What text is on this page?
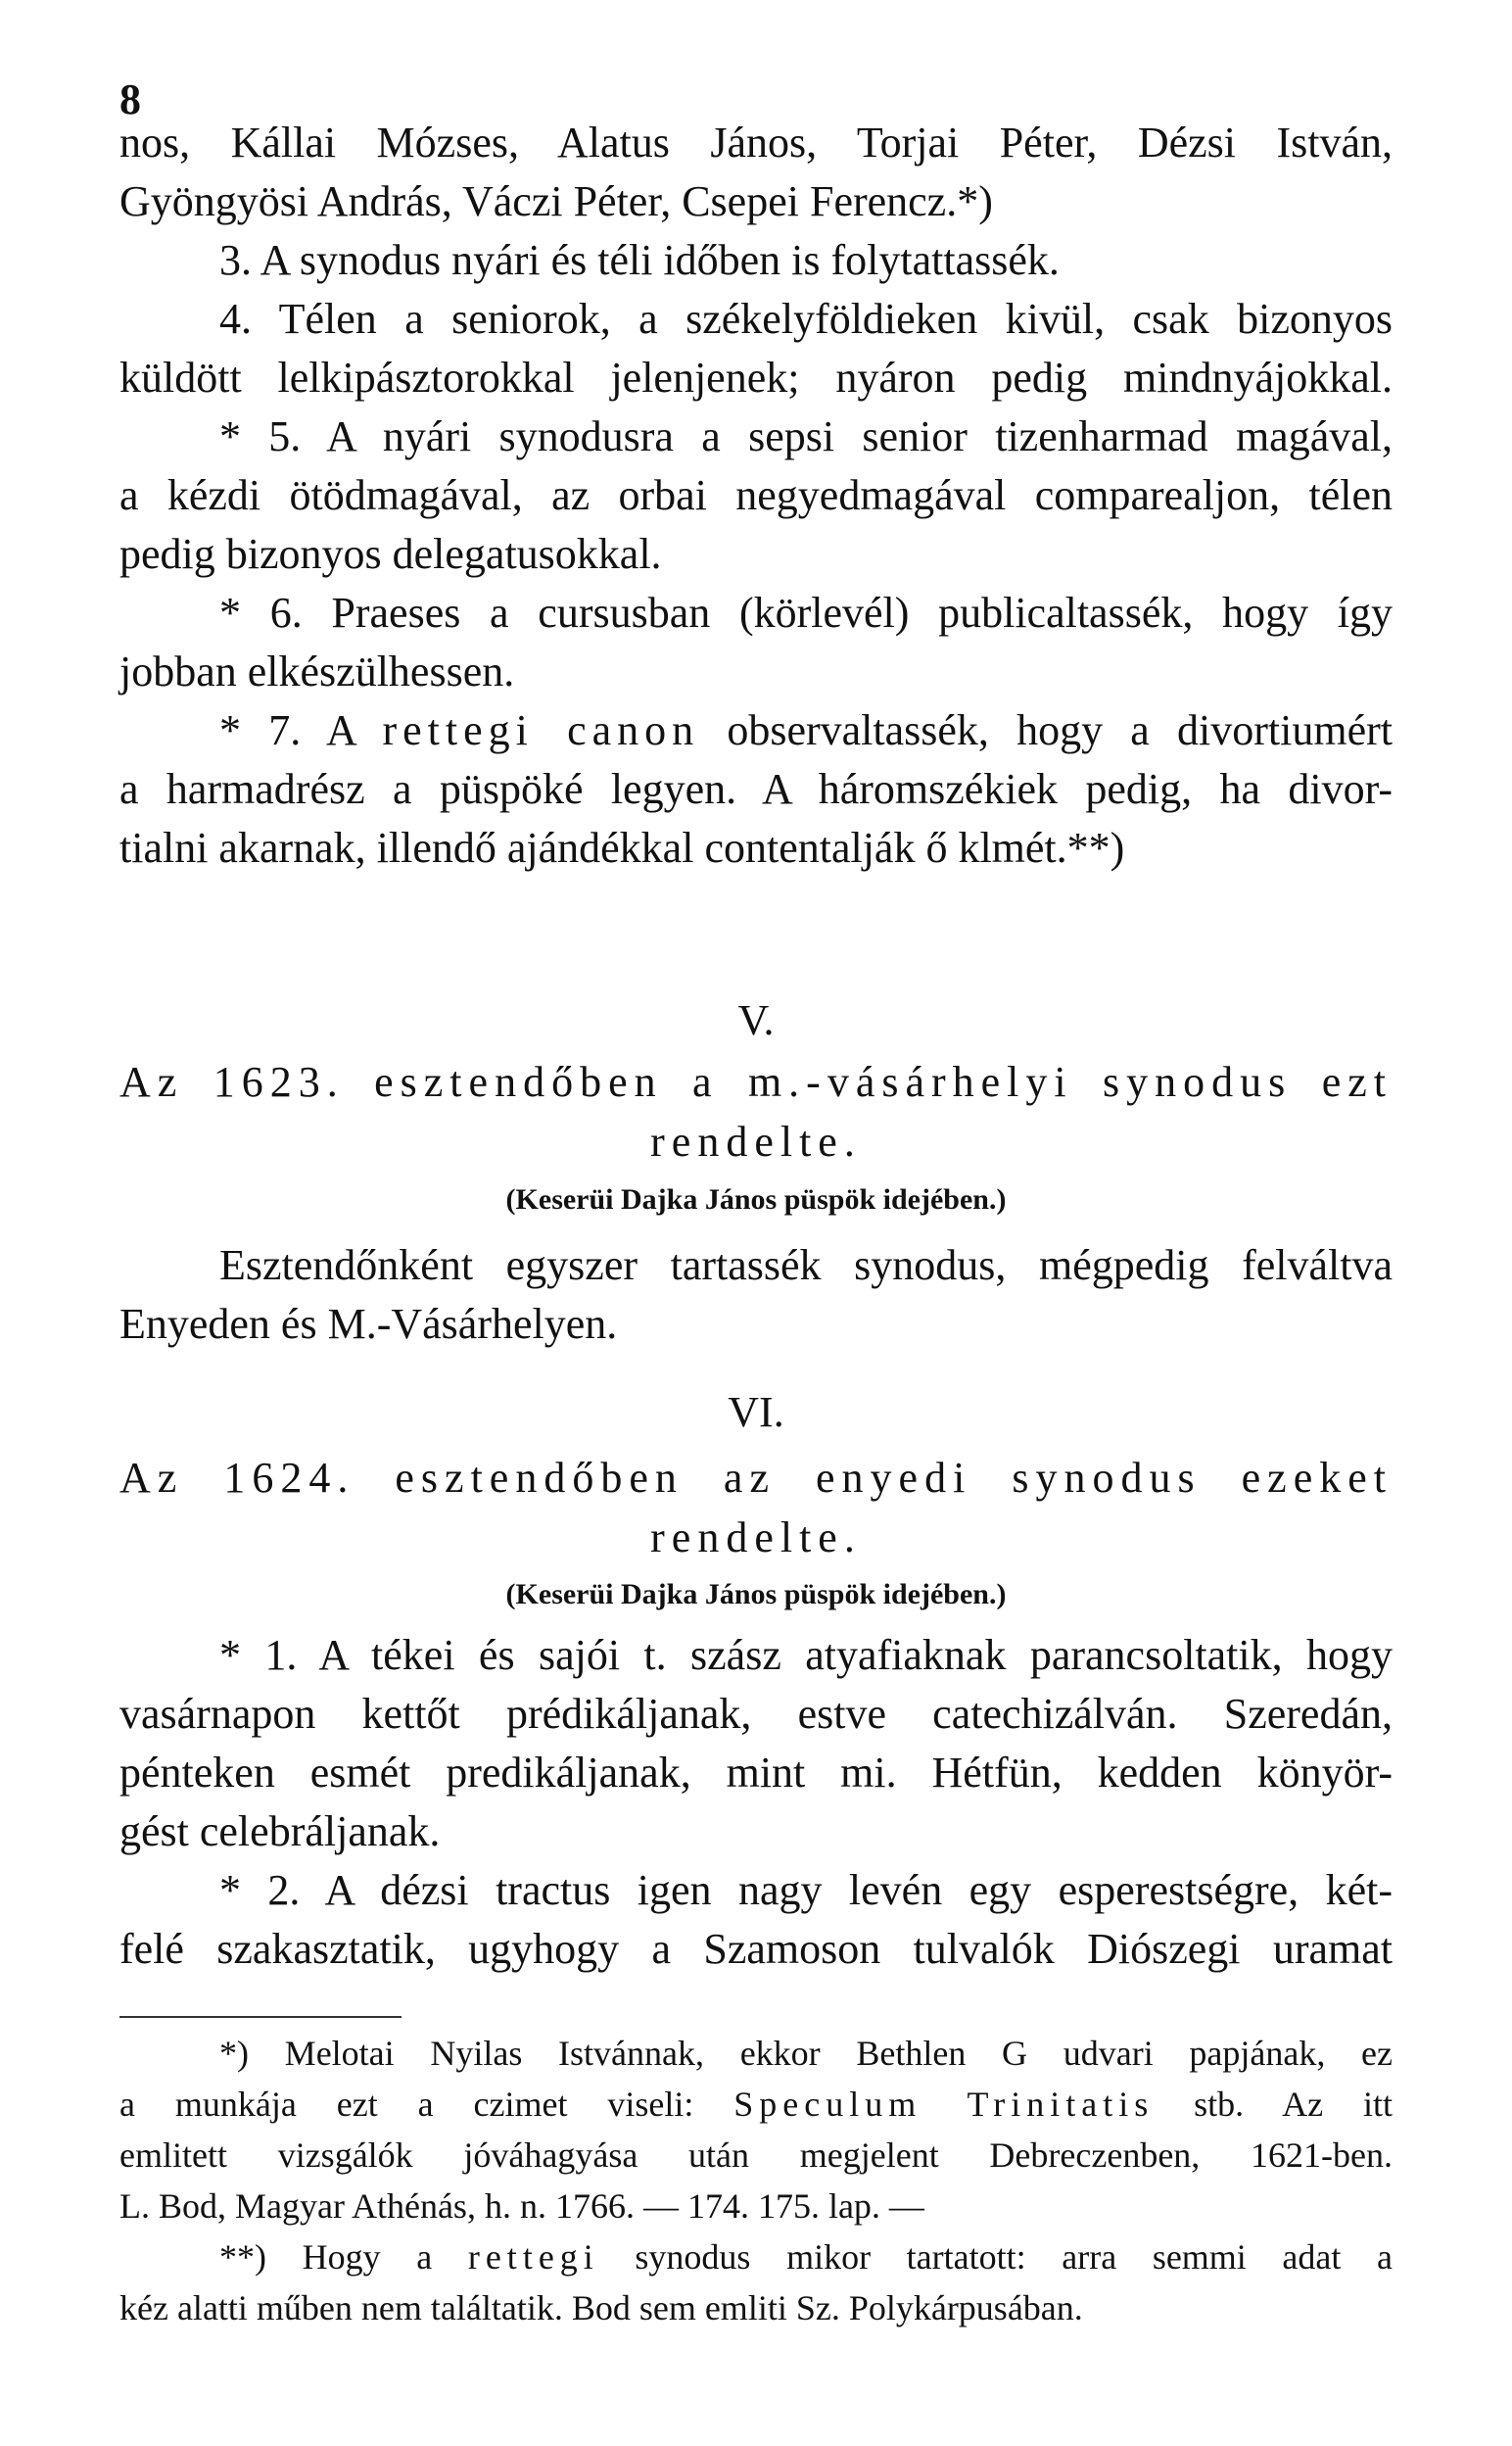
8

nos, Kállai Mózses, Alatus János, Torjai Péter, Dézsi István,

Gyöngyösi András, Váczi Péter, Csepei Ferencz.*)

3. A synodus nyári és téli időben is folytattassék.

4. Télen a seniorok, a székelyföldieken kivül, csak bizonyos

küldött lelkipásztorokkal jelenjenek; nyáron pedig mindnyájokkal.

* 5. A nyári synodusra a sepsi senior tizenharmad magával,

a kézdi ötödmagával, az orbai negyedmagával comparealjon, télen

pedig bizonyos delegatusokkal.

* 6. Praeses a cursusban (körlevél) publicaltassék, hogy így

jobban elkészülhessen.

* 7. A rettegi canon observaltassék, hogy a divortiumért

a harmadrész a püspöké legyen. A háromszékiek pedig, ha divor-

tialni akarnak, illendő ajándékkal contentalják ő klmét.**)

V.
Az 1623. esztendőben a m.-vásárhelyi synodus ezt
rendelte.
(Keserüi Dajka János püspök idejében.)

Esztendőnként egyszer tartassék synodus, mégpedig felváltva

Enyeden és M.-Vásárhelyen.

VI.
Az 1624. esztendőben az enyedi synodus ezeket
rendelte.
(Keserüi Dajka János püspök idejében.)

* 1. A tékei és sajói t. szász atyafiaknak parancsoltatik, hogy

vasárnapon kettőt prédikáljanak, estve catechizálván. Szeredán,

pénteken esmét predikáljanak, mint mi. Hétfün, kedden könyör-

gést celebráljanak.

* 2. A dézsi tractus igen nagy levén egy esperestségre, két-

felé szakasztatik, ugyhogy a Szamoson tulvalók Diószegi uramat

*) Melotai Nyilas Istvánnak, ekkor Bethlen G udvari papjának, ez

a munkája ezt a czimet viseli: Speculum Trinitatis stb. Az itt

emlitett vizsgálók jóváhagyása után megjelent Debreczenben, 1621-ben.

L. Bod, Magyar Athénás, h. n. 1766. — 174. 175. lap. —

**) Hogy a rettegi synodus mikor tartatott: arra semmi adat a

kéz alatti műben nem találtatik. Bod sem emliti Sz. Polykárpusában.
